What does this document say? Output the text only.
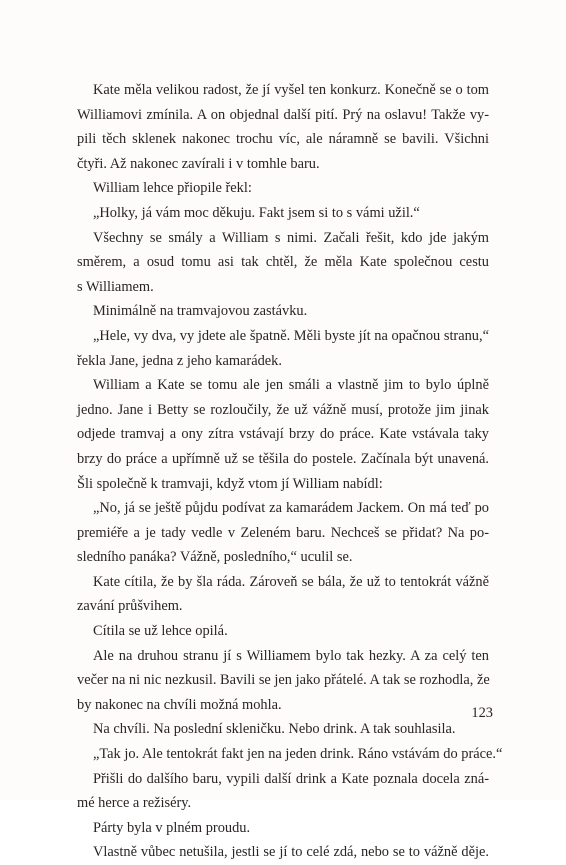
Kate měla velikou radost, že jí vyšel ten konkurz. Konečně se o tom
Williamovi zmínila. A on objednal další pití. Prý na oslavu! Takže vy-
pili těch sklenek nakonec trochu víc, ale náramně se bavili. Všichni
čtyři. Až nakonec zavírali i v tomhle baru.
William lehce přiopile řekl:
„Holky, já vám moc děkuju. Fakt jsem si to s vámi užil.“
Všechny se smály a William s nimi. Začali řešit, kdo jde jakým
směrem, a osud tomu asi tak chtěl, že měla Kate společnou cestu
s Williamem.
Minimálně na tramvajovou zastávku.
„Hele, vy dva, vy jdete ale špatně. Měli byste jít na opačnou stranu,“
řekla Jane, jedna z jeho kamarádek.
William a Kate se tomu ale jen smáli a vlastně jim to bylo úplně
jedno. Jane i Betty se rozloučily, že už vážně musí, protože jim jinak
odjede tramvaj a ony zítra vstávají brzy do práce. Kate vstávala taky
brzy do práce a upřímně už se těšila do postele. Začínala být unavená.
Šli společně k tramvaji, když vtom jí William nabídl:
„No, já se ještě půjdu podívat za kamarádem Jackem. On má teď po
premiéře a je tady vedle v Zeleném baru. Nechceš se přidat? Na po-
sledního panáka? Vážně, posledního,“ uculil se.
Kate cítila, že by šla ráda. Zároveň se bála, že už to tentokrát vážně
zavání průšvihem.
Cítila se už lehce opilá.
Ale na druhou stranu jí s Williamem bylo tak hezky. A za celý ten
večer na ni nic nezkusil. Bavili se jen jako přátelé. A tak se rozhodla, že
by nakonec na chvíli možná mohla.
Na chvíli. Na poslední skleničku. Nebo drink. A tak souhlasila.
„Tak jo. Ale tentokrát fakt jen na jeden drink. Ráno vstávám do práce.“
Přišli do dalšího baru, vypili další drink a Kate poznala docela zná-
mé herce a režiséry.
Párty byla v plném proudu.
Vlastně vůbec netušila, jestli se jí to celé zdá, nebo se to vážně děje.
123
